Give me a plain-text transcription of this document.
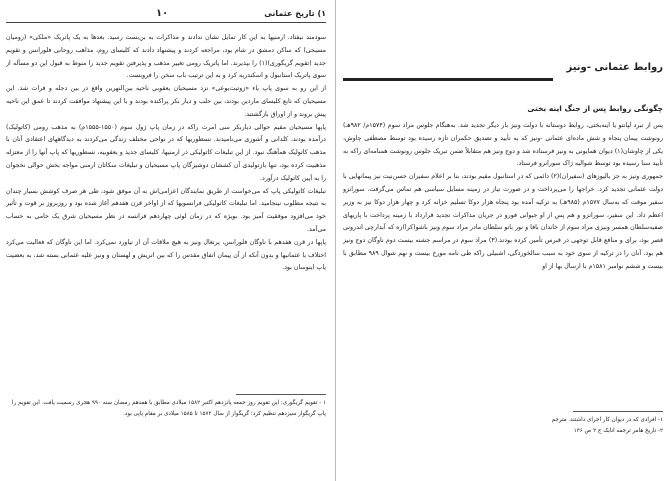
۱) تاریخ عثمانی
۱۰

سودمند نیفتاد. ارمنیها به این کار تمایل نشان ندادند و مذاکرات به بن‌بست رسید. بعدها به یک پاتریک «ملکی» (رومیان مسیحی) که ساکن دمشق در شام بود، مراجعه کردند و پیشنهاد دادند که کلیسای روم، مذاهب روحانی فلورانس و تقویم جدید (تقویم گریگوری)(۱) را بپذیرند. اما پاتریک رومی تغییر مذهب و پذیرفتن تقویم جدید را منوط به قبول این دو مسأله از سوی پاتریک استانبول و اسکندریه کرد و به این ترتیب باب سخن را فروبست.

از این رو به سوی پاپ یاء «زوتیت‌یوعی» نزد مسیحیان یعقوبی ناحیه بین‌النهرین واقع در بین دجله و فرات شد. این مسیحیان که تابع کلیسای ماردین بودند، بین حلب و دیار بکر پراکنده بودند و با این پیشنهاد موافقت کردند تا عمق این ناحیه پیش بروند و از اوراق بازگشتند.

پاپها مسیحیان مقیم حوالی دیاربکر سی امرت راکه در زمان پاپ ژول سوم (۱۵۵۰-۱۵۵۵م) به مذهب رومی (کاتولیک) درآمده بودند، کلدانی و آشوری می‌نامیدند. نسطوریها که در نواحی مختلف زندگی می‌کردند به دیدگاههای اعتقادی آنان با مذهب کاتولیک همآهنگ نبود. از این تبلیغات کاتولیکی در ارمنیها، کلیسای جدید و یعقوبیه، نسطوریها که پاپ آنها را از معتزله مذهبیت کرده بود، تنها بازتولیدی آن کششان دوشیزگان پاپ مسیحیان و تبلیغات سکاتان ارمنی مواجه بخش حوالی نخجوان را به آیین کاتولیک درآورد.

تبلیغات کاتولیکی پاپ که می‌خواست از طریق نمایندگان اعزامی‌اش به آن موفق شود، طی هر صرف کوشش بسیار چندان به نتیجه مطلوب نینجامید. اما تبلیغات کاتولیکی فرانسویها که از اواخر قرن هفدهم آغاز شده بود و روزبروز بر قوت و تأثیر خود می‌افزود موفقیت آمیز بود. بویژه که در زمان لوئی چهاردهم فرانسه در نظر مسیحیان شرق یک حامی به حساب می‌آمد.

پاپها در قرن هفدهم با ناوگان فلورانس، پرتغال ونیز به هیچ ملاقات آن از نیاورد نمی‌کرد. اما این ناوگان که فعالیت می‌کرد اختلاف با عثمانیها و بدون آنکه از آن پیمان اتفاق مقدس را که بین اتریش و لهستان و ونیز علیه عثمانی بسته شد، به بعضیت پاپ اینوسان بود.

۱ - تقویم گریگوری: این تقویم روز جمعه پانزدهم اکتبر ۱۵۸۲ میلادی مطابق با هفدهم رمضان سنه ۹۹۰ هجری رسمیت یافت. این تقویم را پاپ گریگوار سیزدهم تنظیم کرد؛ گریگوار از سال ۱۵۷۲ تا ۱۵۸۵ میلادی بر مقام پاپی بود.
روابط عثمانی -ونیز
چگونگی روابط پس از جنگ اینه بختی

پس از نبرد لپانتو یا اینه‌بختی، روابط دوستانه با دولت ونیز بار دیگر تجدید شد. به‌هنگام جلوس مراد سوم (۱۵۷۴م/ ۹۸۲هـ) رونوشت پیمان پنجاه و شش ماده‌ای عثمانی -ونیز که به تأیید و تصدیق حکمران تازه رسیده بود توسط مصطفی چاوش، یکی از چاوشان(۱) دیوان همایونی به ونیز فرستاده شد و دوج ونیز هم متقابلاً ضمن تبریک جلوس رونوشت همنامه‌ای راکه به تأیید سنا رسیده بود توسط شوالیه ژاک سورانزو فرستاد.

جمهوری ونیز به جز بالیوزهای (سفیران)(۲) دائمی که در استانبول مقیم بودند، بنا بر اعلام سفیران حسن‌نیت نیز پیمانهایی با دولت عثمانی تجدید کرد. خراجها را می‌پرداخت و در صورت نیاز در زمینه مسایل سیاسی هم تماس می‌گرفت. سورانزو سفیر موقت که به‌سال ۱۵۷۷م (۹۸۵هـ) به ترکیه آمده بود پنجاه هزار دوکا تسلیم خزانه کرد و چهار هزار دوکا نیز به وزیر اعظم داد. این سفیر، سورانزو و هم پس از او جیوانی فورو در جریان مذاکرات تجدید قرارداد با زمینه پرداخت با پاریهای صفیه‌سلطان همسر ونیزی مراد سوم از خاندان بافا و نور بانو سلطان مادر مراد سوم ونیز باشو(کرا)زه که آبدارچی اندرونی قصر بود، برای و منافع قابل توجهی در قبرس تأمین کرده بودند.(۳) مراد سوم در مراسم جشنه بیست دوم ناوگان دوج ونیز هم بود. آنان را در ترکیه از سوی خود به سبب سالخوردگی، اشبیلی راکه طی نامه مورخ بیست و نهم شوال ۹۸۹ مطابق با بیست و ششم نوامبر ۱۵۸۱م با ارسال بها از او

۱- افرادی که در دیوان کار اجرای داشتند. مترجم
۲- تاریخ هامر ترجمه اتابک ج ۲ ص ۱۳۶
